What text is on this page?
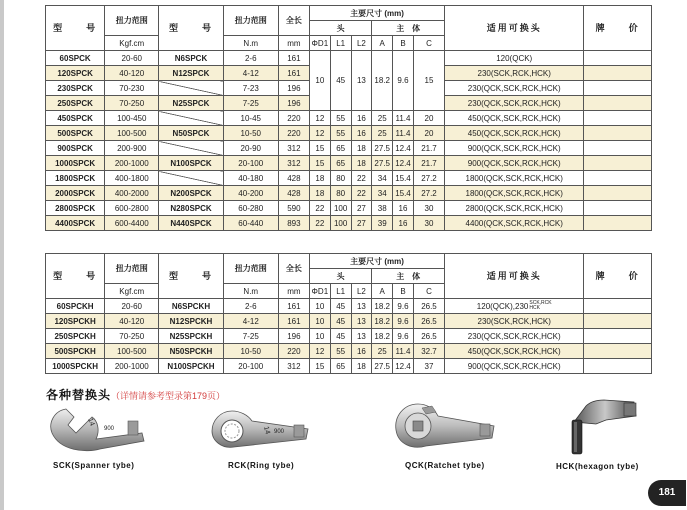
型　　号	扭力范围	型　　号	扭力范围	全长	主要尺寸 (mm)						适用可换头	牌　　价
					头			主　体				
	Kgf.cm		N.m	mm	ΦD1	L1	L2	A	B	C		
60SPCK	20-60	N6SPCK	2-6	161	10	45	13	18.2	9.6	15	120(QCK)	
120SPCK	40-120	N12SPCK	4-12	161							230(SCK,RCK,HCK)	
230SPCK	70-230		7-23	196							230(QCK,SCK,RCK,HCK)	
250SPCK	70-250	N25SPCK	7-25	196							230(QCK,SCK,RCK,HCK)	
450SPCK	100-450		10-45	220	12	55	16	25	11.4	20	450(QCK,SCK,RCK,HCK)	
500SPCK	100-500	N50SPCK	10-50	220	12	55	16	25	11.4	20	450(QCK,SCK,RCK,HCK)	
900SPCK	200-900		20-90	312	15	65	18	27.5	12.4	21.7	900(QCK,SCK,RCK,HCK)	
1000SPCK	200-1000	N100SPCK	20-100	312	15	65	18	27.5	12.4	21.7	900(QCK,SCK,RCK,HCK)	
1800SPCK	400-1800		40-180	428	18	80	22	34	15.4	27.2	1800(QCK,SCK,RCK,HCK)	
2000SPCK	400-2000	N200SPCK	40-200	428	18	80	22	34	15.4	27.2	1800(QCK,SCK,RCK,HCK)	
2800SPCK	600-2800	N280SPCK	60-280	590	22	100	27	38	16	30	2800(QCK,SCK,RCK,HCK)	
4400SPCK	600-4400	N440SPCK	60-440	893	22	100	27	39	16	30	4400(QCK,SCK,RCK,HCK)	
型　　号	扭力范围	型　　号	扭力范围	全长	主要尺寸 (mm)						适用可换头	牌　　价
					头			主　体				
	Kgf.cm		N.m	mm	ΦD1	L1	L2	A	B	C		
60SPCKH	20-60	N6SPCKH	2-6	161	10	45	13	18.2	9.6	26.5	120(QCK),230 SCK,RCK
HCK	

120SPCKH	40-120	N12SPCKH	4-12	161	10	45	13	18.2	9.6	26.5	230(SCK,RCK,HCK)	
250SPCKH	70-250	N25SPCKH	7-25	196	10	45	13	18.2	9.6	26.5	230(QCK,SCK,RCK,HCK)	
500SPCKH	100-500	N50SPCKH	10-50	220	12	55	16	25	11.4	32.7	450(QCK,SCK,RCK,HCK)	
1000SPCKH	200-1000	N100SPCKH	20-100	312	15	65	18	27.5	12.4	37	900(QCK,SCK,RCK,HCK)	
各种替换头（详情请参考型录第179页）
14
900
SCK(Spanner tybe)
14 900
RCK(Ring tybe)	QCK(Ratchet tybe)	HCK(hexagon tybe)
181
